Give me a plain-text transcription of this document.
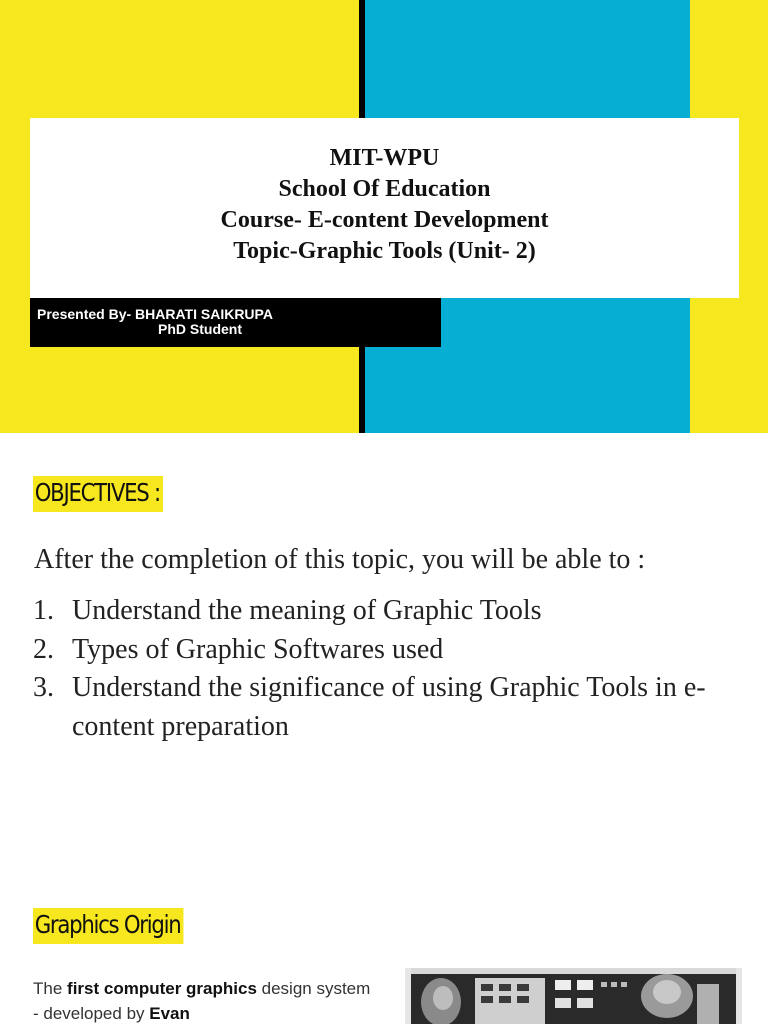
MIT-WPU
School Of Education
Course- E-content Development
Topic-Graphic Tools (Unit- 2)
Presented By- BHARATI SAIKRUPA
PhD Student
OBJECTIVES :
After the completion of this topic, you will be able to :
1. Understand the meaning of Graphic Tools
2. Types of Graphic Softwares used
3. Understand the significance of using Graphic Tools in e- content preparation
Graphics Origin
The first computer graphics design system - developed by Evan
